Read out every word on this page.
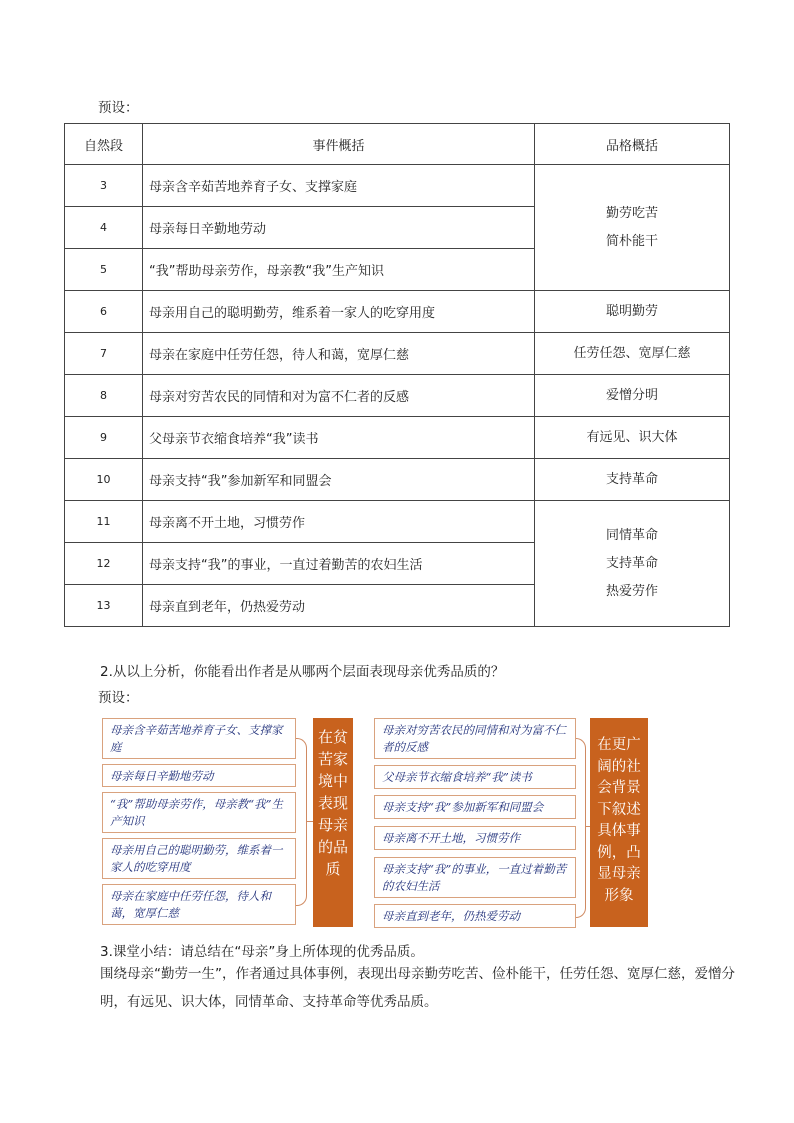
预设：
自然段	事件概括	品格概括
3	母亲含辛茹苦地养育子女、支撑家庭	勤劳吃苦
简朴能干

4	母亲每日辛勤地劳动	
5	“我”帮助母亲劳作，母亲教“我”生产知识	
6	母亲用自己的聪明勤劳，维系着一家人的吃穿用度	聪明勤劳
7	母亲在家庭中任劳任怨，待人和蔼，宽厚仁慈	任劳任怨、宽厚仁慈
8	母亲对穷苦农民的同情和对为富不仁者的反感	爱憎分明
9	父母亲节衣缩食培养“我”读书	有远见、识大体
10	母亲支持“我”参加新军和同盟会	支持革命
11	母亲离不开土地，习惯劳作	同情革命
支持革命
热爱劳作

12	母亲支持“我”的事业，一直过着勤苦的农妇生活	
13	母亲直到老年，仍热爱劳动	
2.从以上分析，你能看出作者是从哪两个层面表现母亲优秀品质的？
预设：
母亲含辛茹苦地养育子女、支撑家庭
母亲每日辛勤地劳动
“我”帮助母亲劳作，母亲教“我”生产知识
母亲用自己的聪明勤劳，维系着一家人的吃穿用度
母亲在家庭中任劳任怨，待人和蔼，宽厚仁慈
在贫
苦家
境中
表现
母亲
的品
质
母亲对穷苦农民的同情和对为富不仁者的反感
父母亲节衣缩食培养“我”读书
母亲支持“我”参加新军和同盟会
母亲离不开土地，习惯劳作
母亲支持“我”的事业，一直过着勤苦的农妇生活
母亲直到老年，仍热爱劳动
在更广
阔的社
会背景
下叙述
具体事
例，凸
显母亲
形象
3.课堂小结：请总结在“母亲”身上所体现的优秀品质。

围绕母亲“勤劳一生”，作者通过具体事例，表现出母亲勤劳吃苦、俭朴能干，任劳任怨、宽厚仁慈，爱憎分明，有远见、识大体，同情革命、支持革命等优秀品质。
